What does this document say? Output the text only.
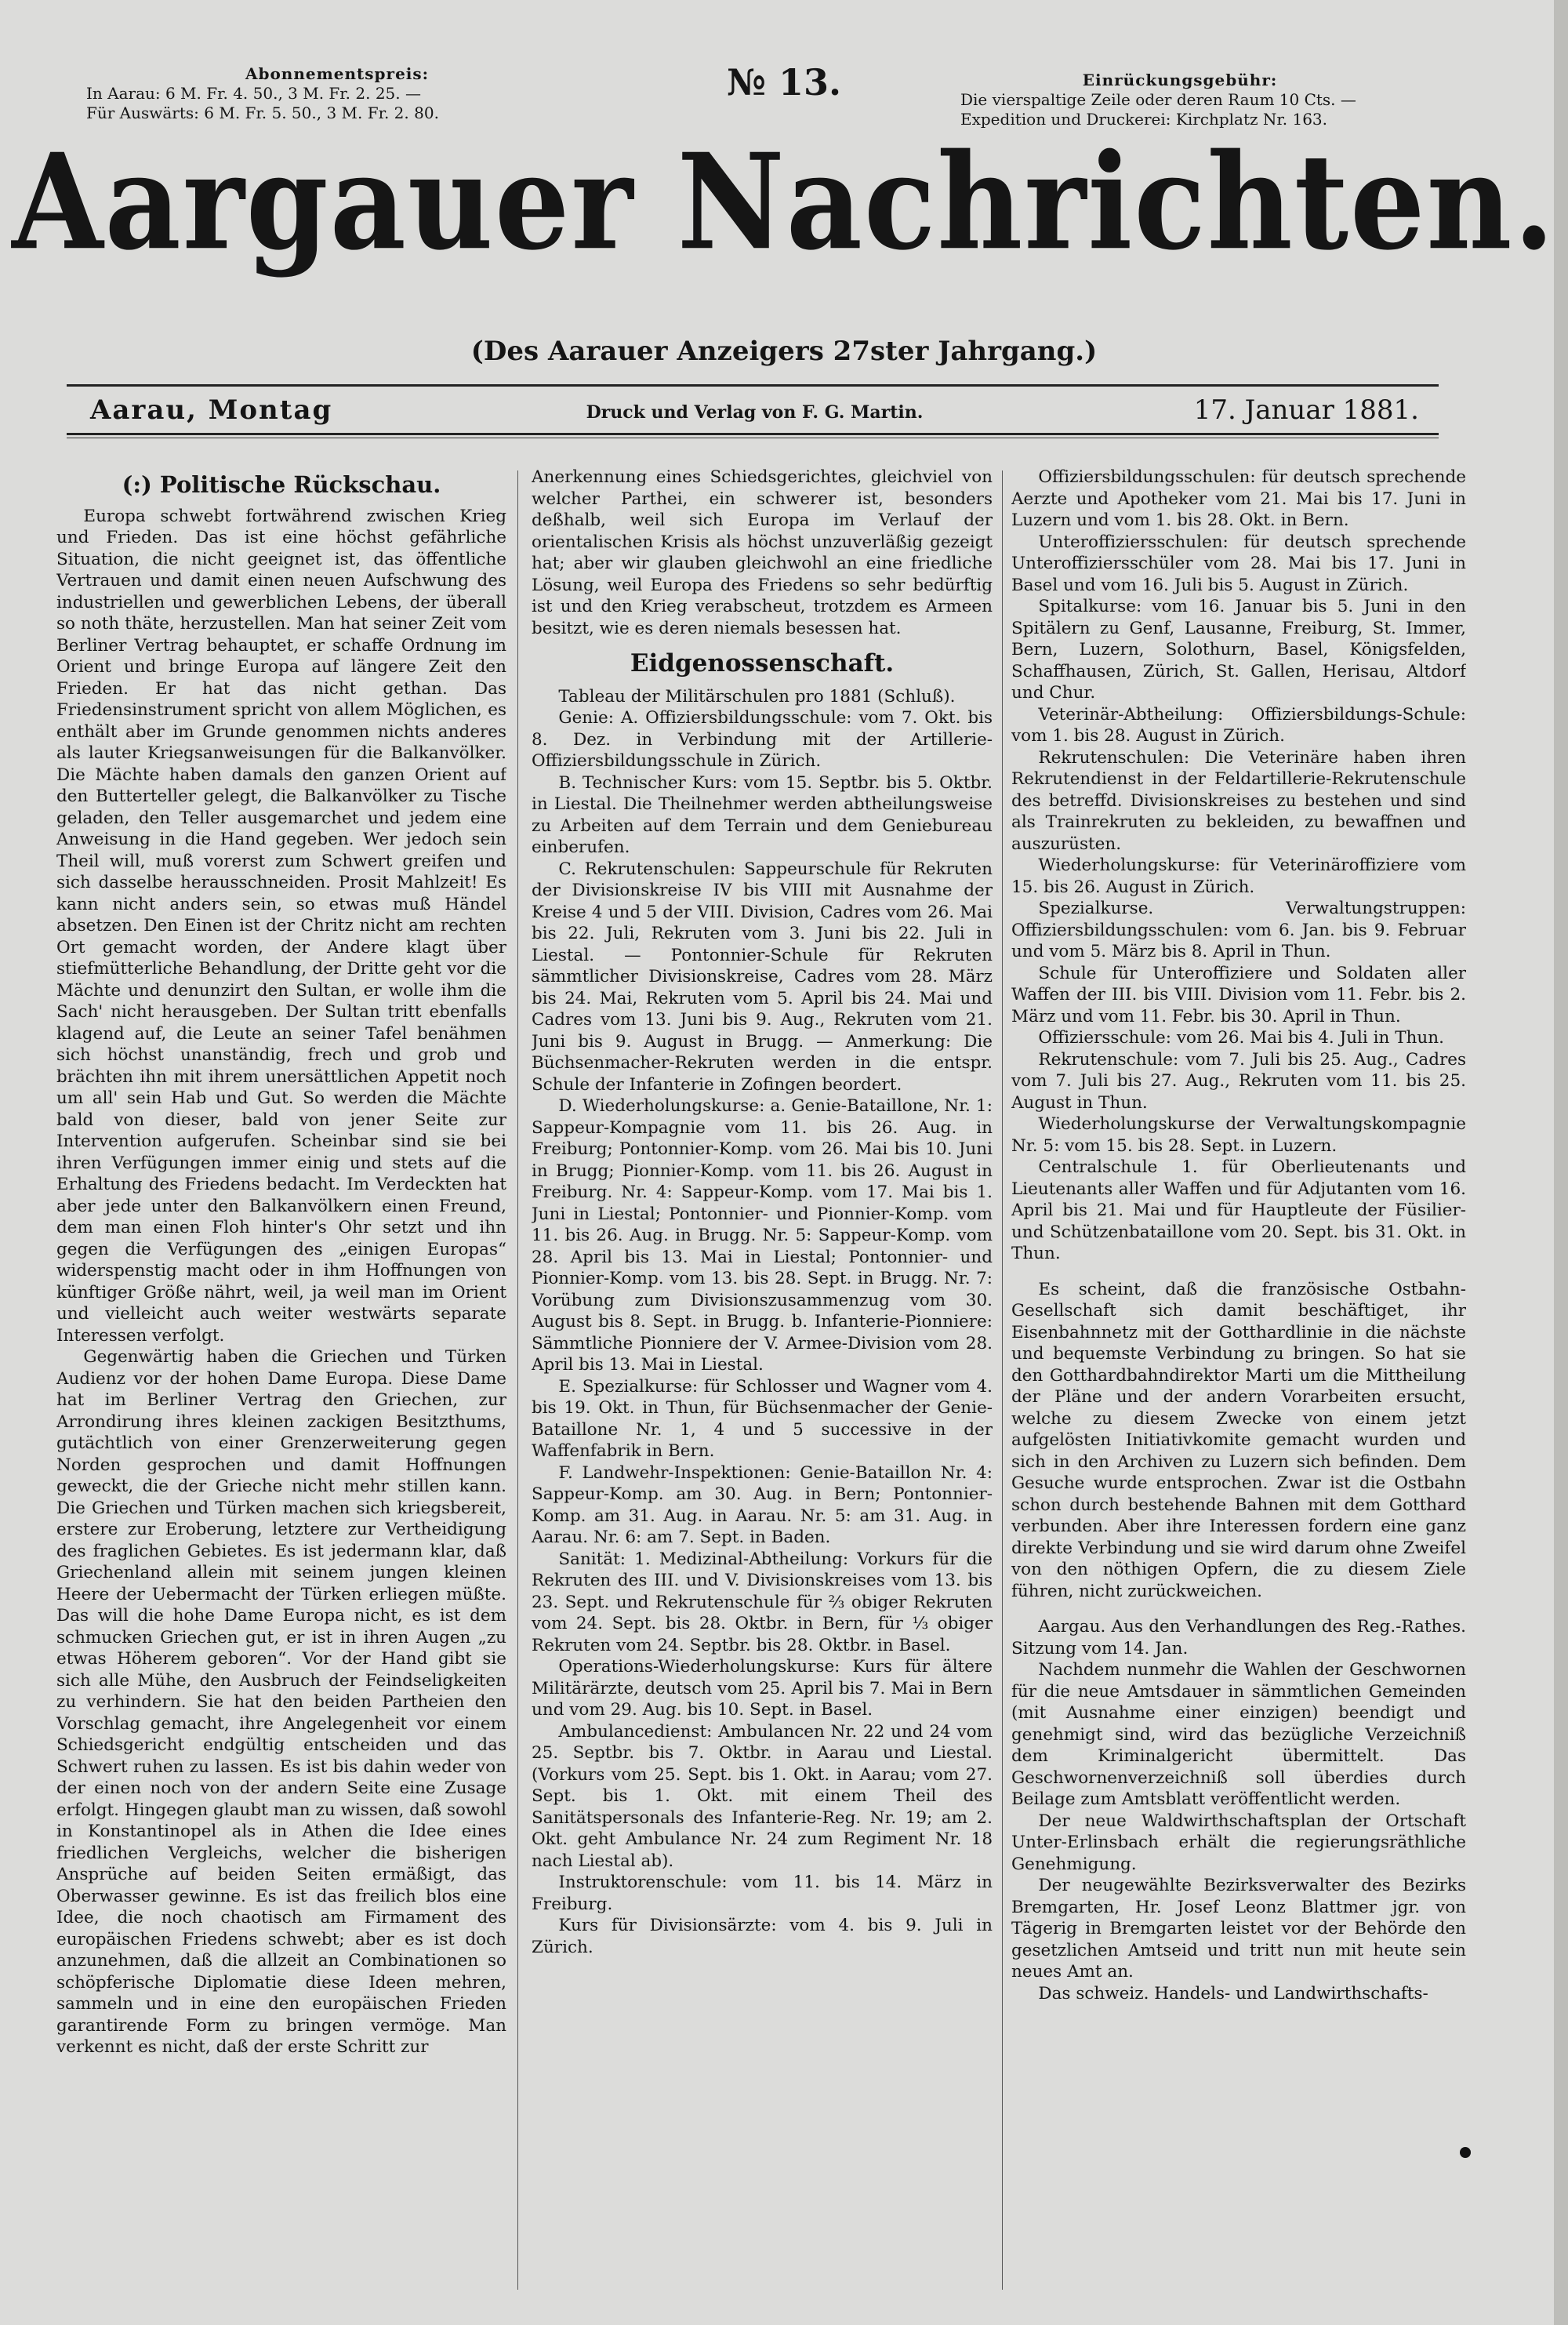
Abonnementspreis:
In Aarau: 6 M. Fr. 4. 50., 3 M. Fr. 2. 25. —
Für Auswärts: 6 M. Fr. 5. 50., 3 M. Fr. 2. 80.
№ 13.	Einrückungsgebühr:
Die vierspaltige Zeile oder deren Raum 10 Cts. —
Expedition und Druckerei: Kirchplatz Nr. 163.
Aargauer Nachrichten.
(Des Aarauer Anzeigers 27ster Jahrgang.)
Aarau, Montag	Druck und Verlag von F. G. Martin.	17. Januar 1881.
(:) Politische Rückschau.

Europa schwebt fortwährend zwischen Krieg und Frieden. Das ist eine höchst gefährliche Situation, die nicht geeignet ist, das öffentliche Vertrauen und damit einen neuen Aufschwung des industriellen und gewerblichen Lebens, der überall so noth thäte, herzustellen. Man hat seiner Zeit vom Berliner Vertrag behauptet, er schaffe Ordnung im Orient und bringe Europa auf längere Zeit den Frieden. Er hat das nicht gethan. Das Friedensinstrument spricht von allem Möglichen, es enthält aber im Grunde genommen nichts anderes als lauter Kriegsanweisungen für die Balkanvölker. Die Mächte haben damals den ganzen Orient auf den Butterteller gelegt, die Balkanvölker zu Tische geladen, den Teller ausgemarchet und jedem eine Anweisung in die Hand gegeben. Wer jedoch sein Theil will, muß vorerst zum Schwert greifen und sich dasselbe herausschneiden. Prosit Mahlzeit! Es kann nicht anders sein, so etwas muß Händel absetzen. Den Einen ist der Chritz nicht am rechten Ort gemacht worden, der Andere klagt über stiefmütterliche Behandlung, der Dritte geht vor die Mächte und denunzirt den Sultan, er wolle ihm die Sach' nicht herausgeben. Der Sultan tritt ebenfalls klagend auf, die Leute an seiner Tafel benähmen sich höchst unanständig, frech und grob und brächten ihn mit ihrem unersättlichen Appetit noch um all' sein Hab und Gut. So werden die Mächte bald von dieser, bald von jener Seite zur Intervention aufgerufen. Scheinbar sind sie bei ihren Verfügungen immer einig und stets auf die Erhaltung des Friedens bedacht. Im Verdeckten hat aber jede unter den Balkanvölkern einen Freund, dem man einen Floh hinter's Ohr setzt und ihn gegen die Verfügungen des „einigen Europas“ widerspenstig macht oder in ihm Hoffnungen von künftiger Größe nährt, weil, ja weil man im Orient und vielleicht auch weiter westwärts separate Interessen verfolgt.

Gegenwärtig haben die Griechen und Türken Audienz vor der hohen Dame Europa. Diese Dame hat im Berliner Vertrag den Griechen, zur Arrondirung ihres kleinen zackigen Besitzthums, gutächtlich von einer Grenzerweiterung gegen Norden gesprochen und damit Hoffnungen geweckt, die der Grieche nicht mehr stillen kann. Die Griechen und Türken machen sich kriegsbereit, erstere zur Eroberung, letztere zur Vertheidigung des fraglichen Gebietes. Es ist jedermann klar, daß Griechenland allein mit seinem jungen kleinen Heere der Uebermacht der Türken erliegen müßte. Das will die hohe Dame Europa nicht, es ist dem schmucken Griechen gut, er ist in ihren Augen „zu etwas Höherem geboren“. Vor der Hand gibt sie sich alle Mühe, den Ausbruch der Feindseligkeiten zu verhindern. Sie hat den beiden Partheien den Vorschlag gemacht, ihre Angelegenheit vor einem Schiedsgericht endgültig entscheiden und das Schwert ruhen zu lassen. Es ist bis dahin weder von der einen noch von der andern Seite eine Zusage erfolgt. Hingegen glaubt man zu wissen, daß sowohl in Konstantinopel als in Athen die Idee eines friedlichen Vergleichs, welcher die bisherigen Ansprüche auf beiden Seiten ermäßigt, das Oberwasser gewinne. Es ist das freilich blos eine Idee, die noch chaotisch am Firmament des europäischen Friedens schwebt; aber es ist doch anzunehmen, daß die allzeit an Combinationen so schöpferische Diplomatie diese Ideen mehren, sammeln und in eine den europäischen Frieden garantirende Form zu bringen vermöge. Man verkennt es nicht, daß der erste Schritt zur

Anerkennung eines Schiedsgerichtes, gleichviel von welcher Parthei, ein schwerer ist, besonders deßhalb, weil sich Europa im Verlauf der orientalischen Krisis als höchst unzuverläßig gezeigt hat; aber wir glauben gleichwohl an eine friedliche Lösung, weil Europa des Friedens so sehr bedürftig ist und den Krieg verabscheut, trotzdem es Armeen besitzt, wie es deren niemals besessen hat.

Eidgenossenschaft.

Tableau der Militärschulen pro 1881 (Schluß).

Genie: A. Offiziersbildungsschule: vom 7. Okt. bis 8. Dez. in Verbindung mit der Artillerie-Offiziersbildungsschule in Zürich.

B. Technischer Kurs: vom 15. Septbr. bis 5. Oktbr. in Liestal. Die Theilnehmer werden abtheilungsweise zu Arbeiten auf dem Terrain und dem Geniebureau einberufen.

C. Rekrutenschulen: Sappeurschule für Rekruten der Divisionskreise IV bis VIII mit Ausnahme der Kreise 4 und 5 der VIII. Division, Cadres vom 26. Mai bis 22. Juli, Rekruten vom 3. Juni bis 22. Juli in Liestal. — Pontonnier-Schule für Rekruten sämmtlicher Divisionskreise, Cadres vom 28. März bis 24. Mai, Rekruten vom 5. April bis 24. Mai und Cadres vom 13. Juni bis 9. Aug., Rekruten vom 21. Juni bis 9. August in Brugg. — Anmerkung: Die Büchsenmacher-Rekruten werden in die entspr. Schule der Infanterie in Zofingen beordert.

D. Wiederholungskurse: a. Genie-Bataillone, Nr. 1: Sappeur-Kompagnie vom 11. bis 26. Aug. in Freiburg; Pontonnier-Komp. vom 26. Mai bis 10. Juni in Brugg; Pionnier-Komp. vom 11. bis 26. August in Freiburg. Nr. 4: Sappeur-Komp. vom 17. Mai bis 1. Juni in Liestal; Pontonnier- und Pionnier-Komp. vom 11. bis 26. Aug. in Brugg. Nr. 5: Sappeur-Komp. vom 28. April bis 13. Mai in Liestal; Pontonnier- und Pionnier-Komp. vom 13. bis 28. Sept. in Brugg. Nr. 7: Vorübung zum Divisionszusammenzug vom 30. August bis 8. Sept. in Brugg. b. Infanterie-Pionniere: Sämmtliche Pionniere der V. Armee-Division vom 28. April bis 13. Mai in Liestal.

E. Spezialkurse: für Schlosser und Wagner vom 4. bis 19. Okt. in Thun, für Büchsenmacher der Genie-Bataillone Nr. 1, 4 und 5 successive in der Waffenfabrik in Bern.

F. Landwehr-Inspektionen: Genie-Bataillon Nr. 4: Sappeur-Komp. am 30. Aug. in Bern; Pontonnier-Komp. am 31. Aug. in Aarau. Nr. 5: am 31. Aug. in Aarau. Nr. 6: am 7. Sept. in Baden.

Sanität: 1. Medizinal-Abtheilung: Vorkurs für die Rekruten des III. und V. Divisionskreises vom 13. bis 23. Sept. und Rekrutenschule für ⅔ obiger Rekruten vom 24. Sept. bis 28. Oktbr. in Bern, für ⅓ obiger Rekruten vom 24. Septbr. bis 28. Oktbr. in Basel.

Operations-Wiederholungskurse: Kurs für ältere Militärärzte, deutsch vom 25. April bis 7. Mai in Bern und vom 29. Aug. bis 10. Sept. in Basel.

Ambulancedienst: Ambulancen Nr. 22 und 24 vom 25. Septbr. bis 7. Oktbr. in Aarau und Liestal. (Vorkurs vom 25. Sept. bis 1. Okt. in Aarau; vom 27. Sept. bis 1. Okt. mit einem Theil des Sanitätspersonals des Infanterie-Reg. Nr. 19; am 2. Okt. geht Ambulance Nr. 24 zum Regiment Nr. 18 nach Liestal ab).

Instruktorenschule: vom 11. bis 14. März in Freiburg.

Kurs für Divisionsärzte: vom 4. bis 9. Juli in Zürich.

Offiziersbildungsschulen: für deutsch sprechende Aerzte und Apotheker vom 21. Mai bis 17. Juni in Luzern und vom 1. bis 28. Okt. in Bern.

Unteroffiziersschulen: für deutsch sprechende Unteroffiziersschüler vom 28. Mai bis 17. Juni in Basel und vom 16. Juli bis 5. August in Zürich.

Spitalkurse: vom 16. Januar bis 5. Juni in den Spitälern zu Genf, Lausanne, Freiburg, St. Immer, Bern, Luzern, Solothurn, Basel, Königsfelden, Schaffhausen, Zürich, St. Gallen, Herisau, Altdorf und Chur.

Veterinär-Abtheilung: Offiziersbildungs-Schule: vom 1. bis 28. August in Zürich.

Rekrutenschulen: Die Veterinäre haben ihren Rekrutendienst in der Feldartillerie-Rekrutenschule des betreffd. Divisionskreises zu bestehen und sind als Trainrekruten zu bekleiden, zu bewaffnen und auszurüsten.

Wiederholungskurse: für Veterinäroffiziere vom 15. bis 26. August in Zürich.

Spezialkurse. Verwaltungstruppen: Offiziersbildungsschulen: vom 6. Jan. bis 9. Februar und vom 5. März bis 8. April in Thun.

Schule für Unteroffiziere und Soldaten aller Waffen der III. bis VIII. Division vom 11. Febr. bis 2. März und vom 11. Febr. bis 30. April in Thun.

Offiziersschule: vom 26. Mai bis 4. Juli in Thun.

Rekrutenschule: vom 7. Juli bis 25. Aug., Cadres vom 7. Juli bis 27. Aug., Rekruten vom 11. bis 25. August in Thun.

Wiederholungskurse der Verwaltungskompagnie Nr. 5: vom 15. bis 28. Sept. in Luzern.

Centralschule 1. für Oberlieutenants und Lieutenants aller Waffen und für Adjutanten vom 16. April bis 21. Mai und für Hauptleute der Füsilier- und Schützenbataillone vom 20. Sept. bis 31. Okt. in Thun.

Es scheint, daß die französische Ostbahn-Gesellschaft sich damit beschäftiget, ihr Eisenbahnnetz mit der Gotthardlinie in die nächste und bequemste Verbindung zu bringen. So hat sie den Gotthardbahndirektor Marti um die Mittheilung der Pläne und der andern Vorarbeiten ersucht, welche zu diesem Zwecke von einem jetzt aufgelösten Initiativkomite gemacht wurden und sich in den Archiven zu Luzern sich befinden. Dem Gesuche wurde entsprochen. Zwar ist die Ostbahn schon durch bestehende Bahnen mit dem Gotthard verbunden. Aber ihre Interessen fordern eine ganz direkte Verbindung und sie wird darum ohne Zweifel von den nöthigen Opfern, die zu diesem Ziele führen, nicht zurückweichen.

Aargau. Aus den Verhandlungen des Reg.-Rathes. Sitzung vom 14. Jan.

Nachdem nunmehr die Wahlen der Geschwornen für die neue Amtsdauer in sämmtlichen Gemeinden (mit Ausnahme einer einzigen) beendigt und genehmigt sind, wird das bezügliche Verzeichniß dem Kriminalgericht übermittelt. Das Geschwornenverzeichniß soll überdies durch Beilage zum Amtsblatt veröffentlicht werden.

Der neue Waldwirthschaftsplan der Ortschaft Unter-Erlinsbach erhält die regierungsräthliche Genehmigung.

Der neugewählte Bezirksverwalter des Bezirks Bremgarten, Hr. Josef Leonz Blattmer jgr. von Tägerig in Bremgarten leistet vor der Behörde den gesetzlichen Amtseid und tritt nun mit heute sein neues Amt an.

Das schweiz. Handels- und Landwirthschafts-
